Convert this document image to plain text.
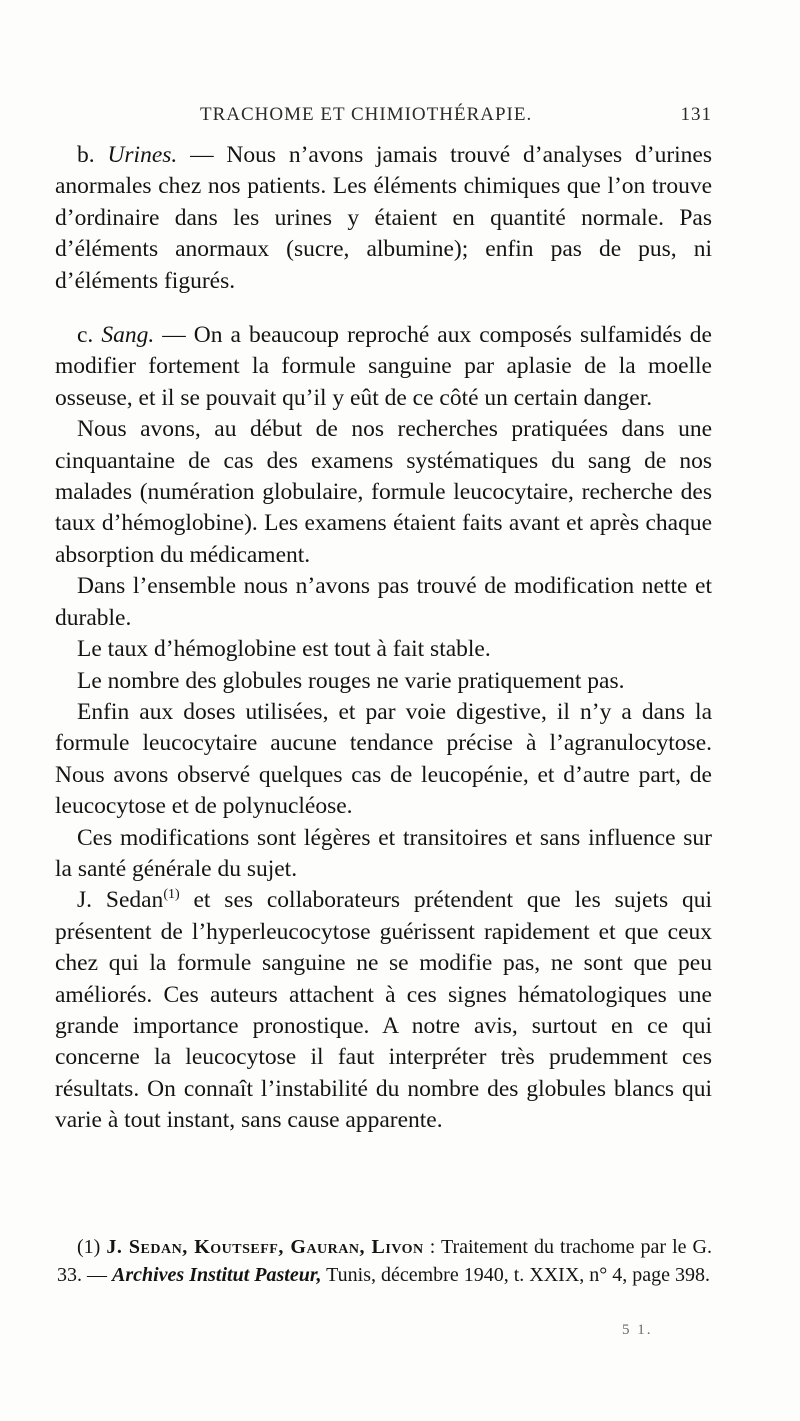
TRACHOME ET CHIMIOTHÉRAPIE.	131

b. Urines. — Nous n’avons jamais trouvé d’analyses d’urines anormales chez nos patients. Les éléments chimiques que l’on trouve d’ordinaire dans les urines y étaient en quantité normale. Pas d’éléments anormaux (sucre, albumine); enfin pas de pus, ni d’éléments figurés.

c. Sang. — On a beaucoup reproché aux composés sulfamidés de modifier fortement la formule sanguine par aplasie de la moelle osseuse, et il se pouvait qu’il y eût de ce côté un certain danger.

Nous avons, au début de nos recherches pratiquées dans une cinquantaine de cas des examens systématiques du sang de nos malades (numération globulaire, formule leucocytaire, recherche des taux d’hémoglobine). Les examens étaient faits avant et après chaque absorption du médicament.

Dans l’ensemble nous n’avons pas trouvé de modification nette et durable.

Le taux d’hémoglobine est tout à fait stable.

Le nombre des globules rouges ne varie pratiquement pas.

Enfin aux doses utilisées, et par voie digestive, il n’y a dans la formule leucocytaire aucune tendance précise à l’agranulocytose. Nous avons observé quelques cas de leucopénie, et d’autre part, de leucocytose et de polynucléose.

Ces modifications sont légères et transitoires et sans influence sur la santé générale du sujet.

J. Sedan$^{(1)}$ et ses collaborateurs prétendent que les sujets qui présentent de l’hyperleucocytose guérissent rapidement et que ceux chez qui la formule sanguine ne se modifie pas, ne sont que peu améliorés. Ces auteurs attachent à ces signes hématologiques une grande importance pronostique. A notre avis, surtout en ce qui concerne la leucocytose il faut interpréter très prudemment ces résultats. On connaît l’instabilité du nombre des globules blancs qui varie à tout instant, sans cause apparente.

(1) J. Sedan, Koutseff, Gauran, Livon : Traitement du trachome par le G. 33. — Archives Institut Pasteur, Tunis, décembre 1940, t. XXIX, n° 4, page 398.

5 1.
